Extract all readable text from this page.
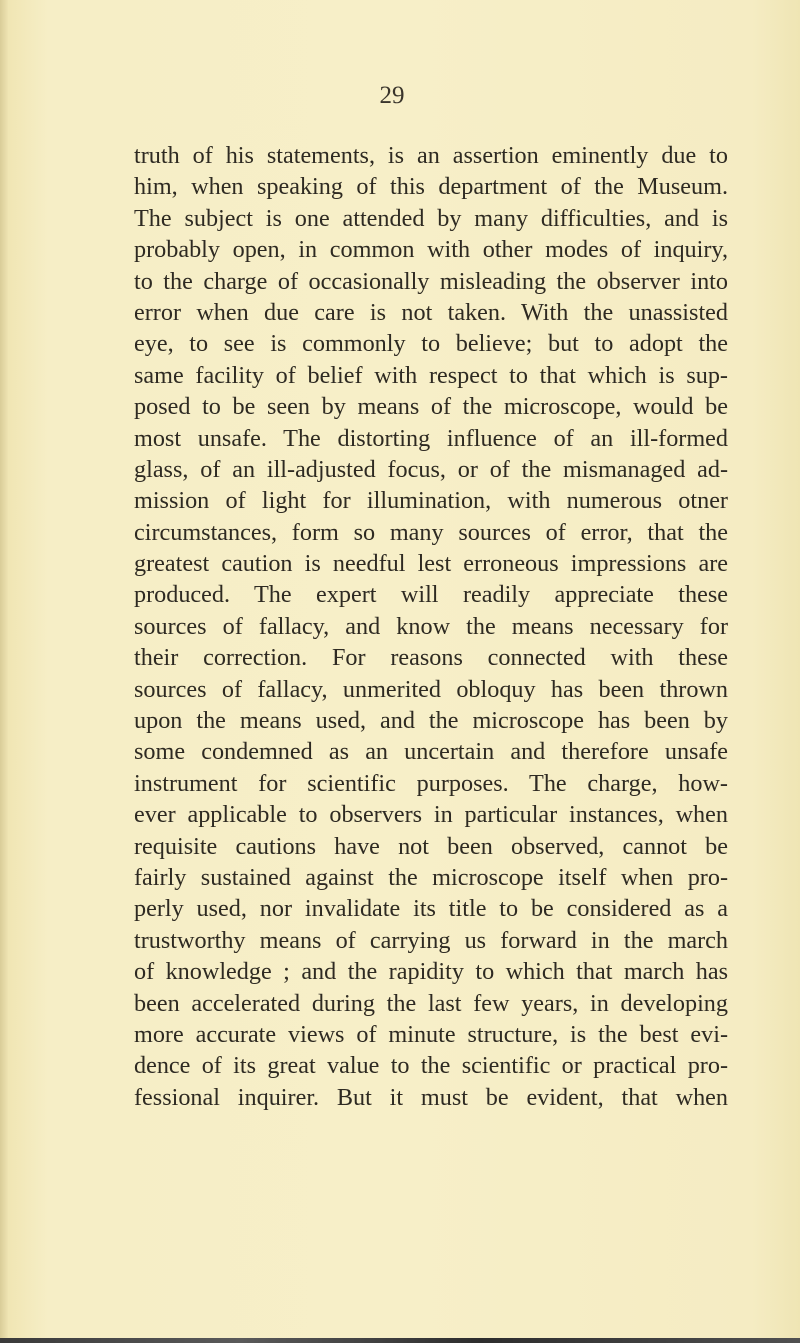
29
truth of his statements, is an assertion eminently due to
him, when speaking of this department of the Museum.
The subject is one attended by many difficulties, and is
probably open, in common with other modes of inquiry,
to the charge of occasionally misleading the observer into
error when due care is not taken. With the unassisted
eye, to see is commonly to believe; but to adopt the
same facility of belief with respect to that which is sup-
posed to be seen by means of the microscope, would be
most unsafe. The distorting influence of an ill-formed
glass, of an ill-adjusted focus, or of the mismanaged ad-
mission of light for illumination, with numerous otner
circumstances, form so many sources of error, that the
greatest caution is needful lest erroneous impressions are
produced. The expert will readily appreciate these
sources of fallacy, and know the means necessary for
their correction. For reasons connected with these
sources of fallacy, unmerited obloquy has been thrown
upon the means used, and the microscope has been by
some condemned as an uncertain and therefore unsafe
instrument for scientific purposes. The charge, how-
ever applicable to observers in particular instances, when
requisite cautions have not been observed, cannot be
fairly sustained against the microscope itself when pro-
perly used, nor invalidate its title to be considered as a
trustworthy means of carrying us forward in the march
of knowledge ; and the rapidity to which that march has
been accelerated during the last few years, in developing
more accurate views of minute structure, is the best evi-
dence of its great value to the scientific or practical pro-
fessional inquirer. But it must be evident, that when
